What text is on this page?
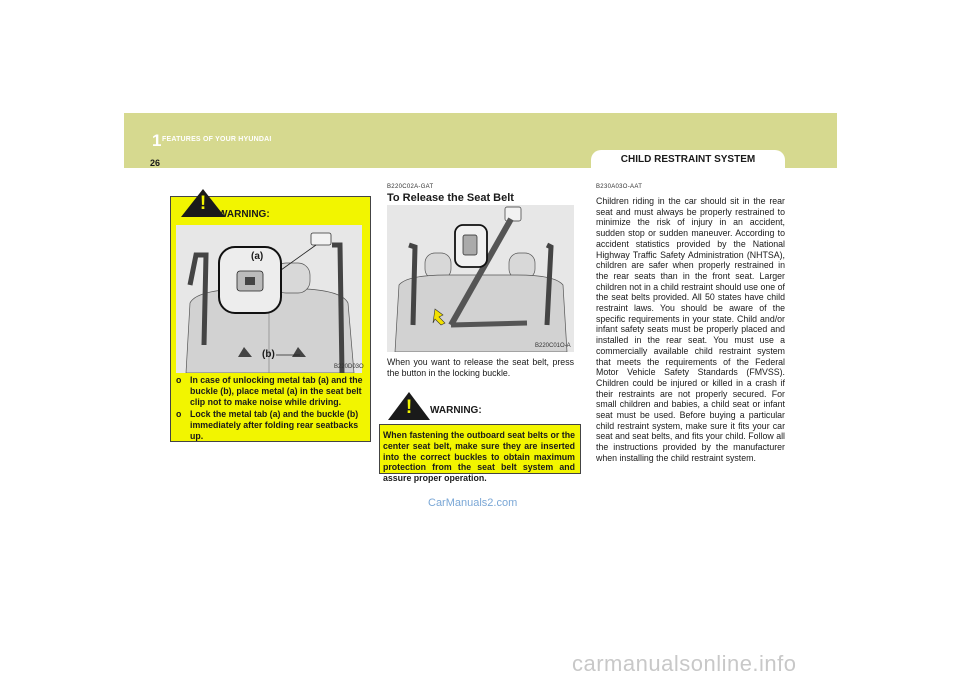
1 FEATURES OF YOUR HYUNDAI
26	CHILD RESTRAINT SYSTEM
!
WARNING:
B220D03O
(a)
(b)
o In case of unlocking metal tab (a) and the buckle (b), place metal (a) in the seat belt clip not to make noise while driving.
o Lock the metal tab (a) and the buckle (b) immediately after folding rear seatbacks up.
B220C02A-GAT
To Release the Seat Belt
B220C01O-A
When you want to release the seat belt, press the button in the locking buckle.
! WARNING:
When fastening the outboard seat belts or the center seat belt, make sure they are inserted into the correct buckles to obtain maximum protection from the seat belt system and assure proper operation.
B230A03O-AAT
Children riding in the car should sit in the rear seat and must always be properly restrained to minimize the risk of injury in an accident, sudden stop or sudden maneuver. According to accident statistics provided by the National Highway Traffic Safety Administration (NHTSA), children are safer when properly restrained in the rear seats than in the front seat. Larger children not in a child restraint should use one of the seat belts provided. All 50 states have child restraint laws. You should be aware of the specific requirements in your state. Child and/or infant safety seats must be properly placed and installed in the rear seat. You must use a commercially available child restraint system that meets the requirements of the Federal Motor Vehicle Safety Standards (FMVSS). Children could be injured or killed in a crash if their restraints are not properly secured. For small children and babies, a child seat or infant seat must be used. Before buying a particular child restraint system, make sure it fits your car seat and seat belts, and fits your child. Follow all the instructions provided by the manufacturer when installing the child restraint system.
CarManuals2.com
carmanualsonline.info
